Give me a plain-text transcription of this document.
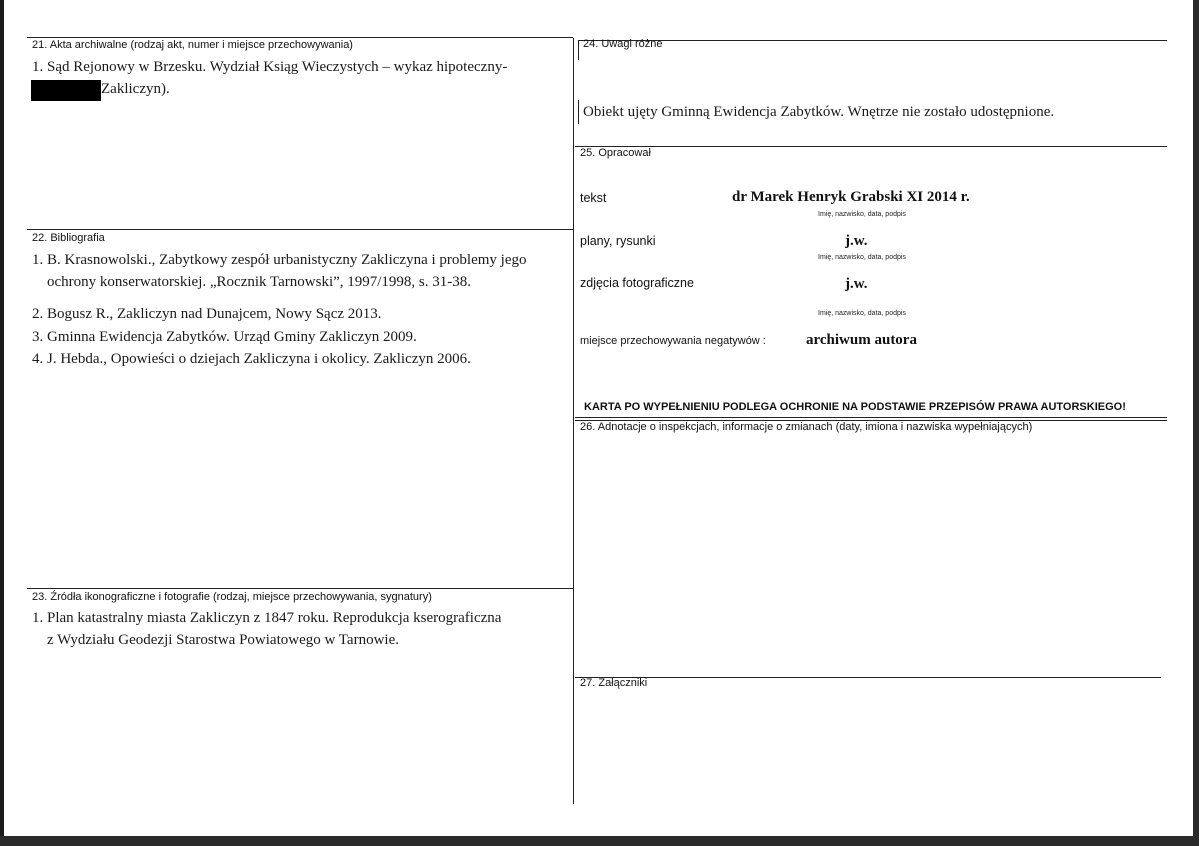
21. Akta archiwalne (rodzaj akt, numer i miejsce przechowywania)
1. Sąd Rejonowy w Brzesku. Wydział Ksiąg Wieczystych – wykaz hipoteczny-
Zakliczyn).
22. Bibliografia
1. B. Krasnowolski., Zabytkowy zespół urbanistyczny Zakliczyna i problemy jego
ochrony konserwatorskiej. „Rocznik Tarnowski”, 1997/1998, s. 31-38.
2. Bogusz R., Zakliczyn nad Dunajcem, Nowy Sącz 2013.
3. Gminna Ewidencja Zabytków. Urząd Gminy Zakliczyn 2009.
4. J. Hebda., Opowieści o dziejach Zakliczyna i okolicy. Zakliczyn 2006.
23. Źródła ikonograficzne i fotografie (rodzaj, miejsce przechowywania, sygnatury)
1. Plan katastralny miasta Zakliczyn z 1847 roku. Reprodukcja kserograficzna
z Wydziału Geodezji Starostwa Powiatowego w Tarnowie.
24. Uwagi różne
Obiekt ujęty Gminną Ewidencja Zabytków. Wnętrze nie zostało udostępnione.
25. Opracował
tekst	dr Marek Henryk Grabski XI 2014 r.
Imię, nazwisko, data, podpis
plany, rysunki	j.w.
Imię, nazwisko, data, podpis
zdjęcia fotograficzne	j.w.
Imię, nazwisko, data, podpis
miejsce przechowywania negatywów :	archiwum autora
KARTA PO WYPEŁNIENIU PODLEGA OCHRONIE NA PODSTAWIE PRZEPISÓW PRAWA AUTORSKIEGO!
26. Adnotacje o inspekcjach, informacje o zmianach (daty, imiona i nazwiska wypełniających)
27. Załączniki
